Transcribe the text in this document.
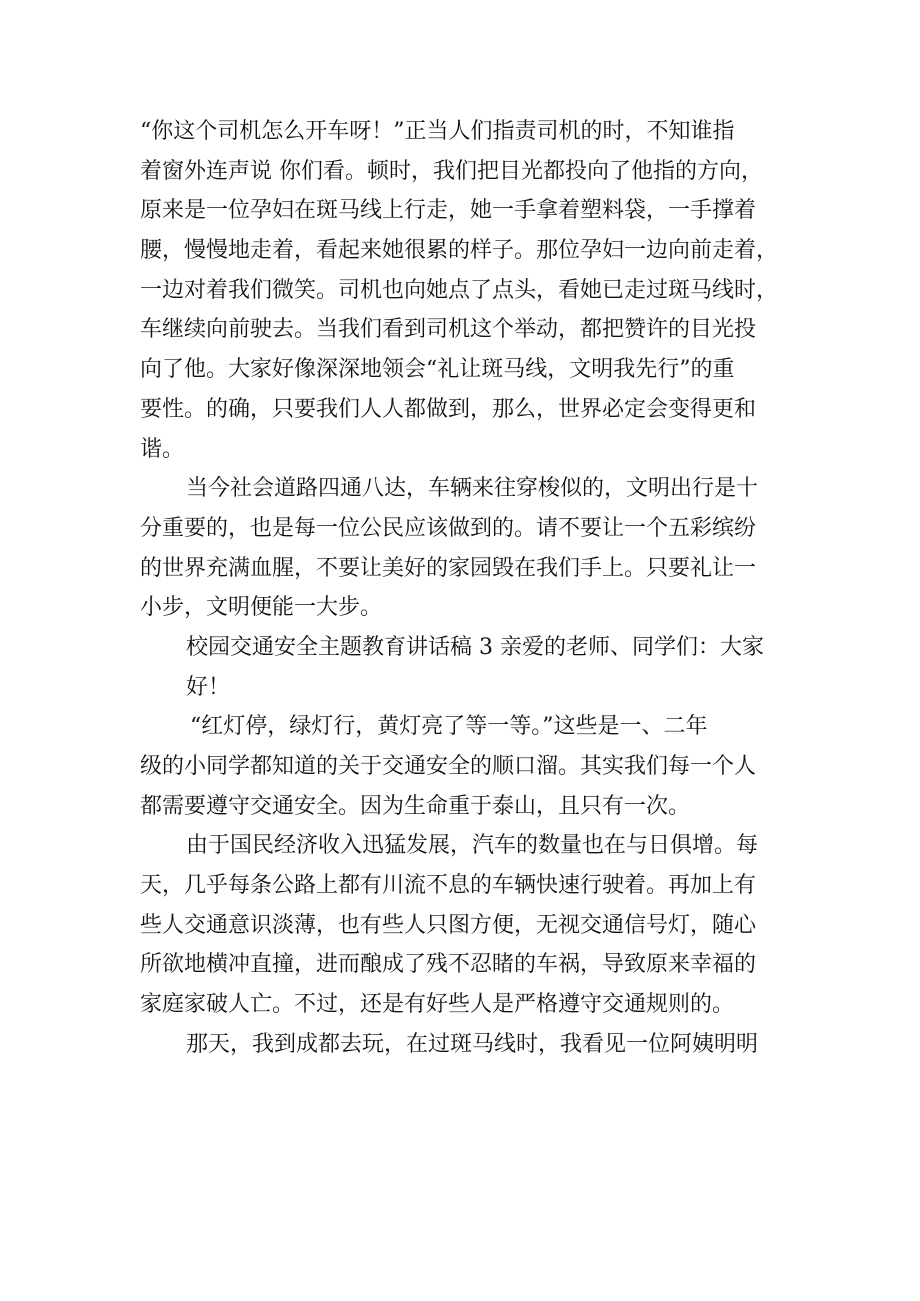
“你这个司机怎么开车呀！”正当人们指责司机的时，不知谁指
着窗外连声说 你们看。顿时，我们把目光都投向了他指的方向，
原来是一位孕妇在斑马线上行走，她一手拿着塑料袋，一手撑着
腰，慢慢地走着，看起来她很累的样子。那位孕妇一边向前走着，
一边对着我们微笑。司机也向她点了点头，看她已走过斑马线时，
车继续向前驶去。当我们看到司机这个举动，都把赞许的目光投
向了他。大家好像深深地领会“礼让斑马线，文明我先行”的重
要性。的确，只要我们人人都做到，那么，世界必定会变得更和
谐。
当今社会道路四通八达，车辆来往穿梭似的，文明出行是十
分重要的，也是每一位公民应该做到的。请不要让一个五彩缤纷
的世界充满血腥，不要让美好的家园毁在我们手上。只要礼让一
小步，文明便能一大步。
校园交通安全主题教育讲话稿 3 亲爱的老师、同学们：大家
好！
“红灯停，绿灯行，黄灯亮了等一等。”这些是一、二年
级的小同学都知道的关于交通安全的顺口溜。其实我们每一个人
都需要遵守交通安全。因为生命重于泰山，且只有一次。
由于国民经济收入迅猛发展，汽车的数量也在与日俱增。每
天，几乎每条公路上都有川流不息的车辆快速行驶着。再加上有
些人交通意识淡薄，也有些人只图方便，无视交通信号灯，随心
所欲地横冲直撞，进而酿成了残不忍睹的车祸，导致原来幸福的
家庭家破人亡。不过，还是有好些人是严格遵守交通规则的。
那天，我到成都去玩，在过斑马线时，我看见一位阿姨明明
